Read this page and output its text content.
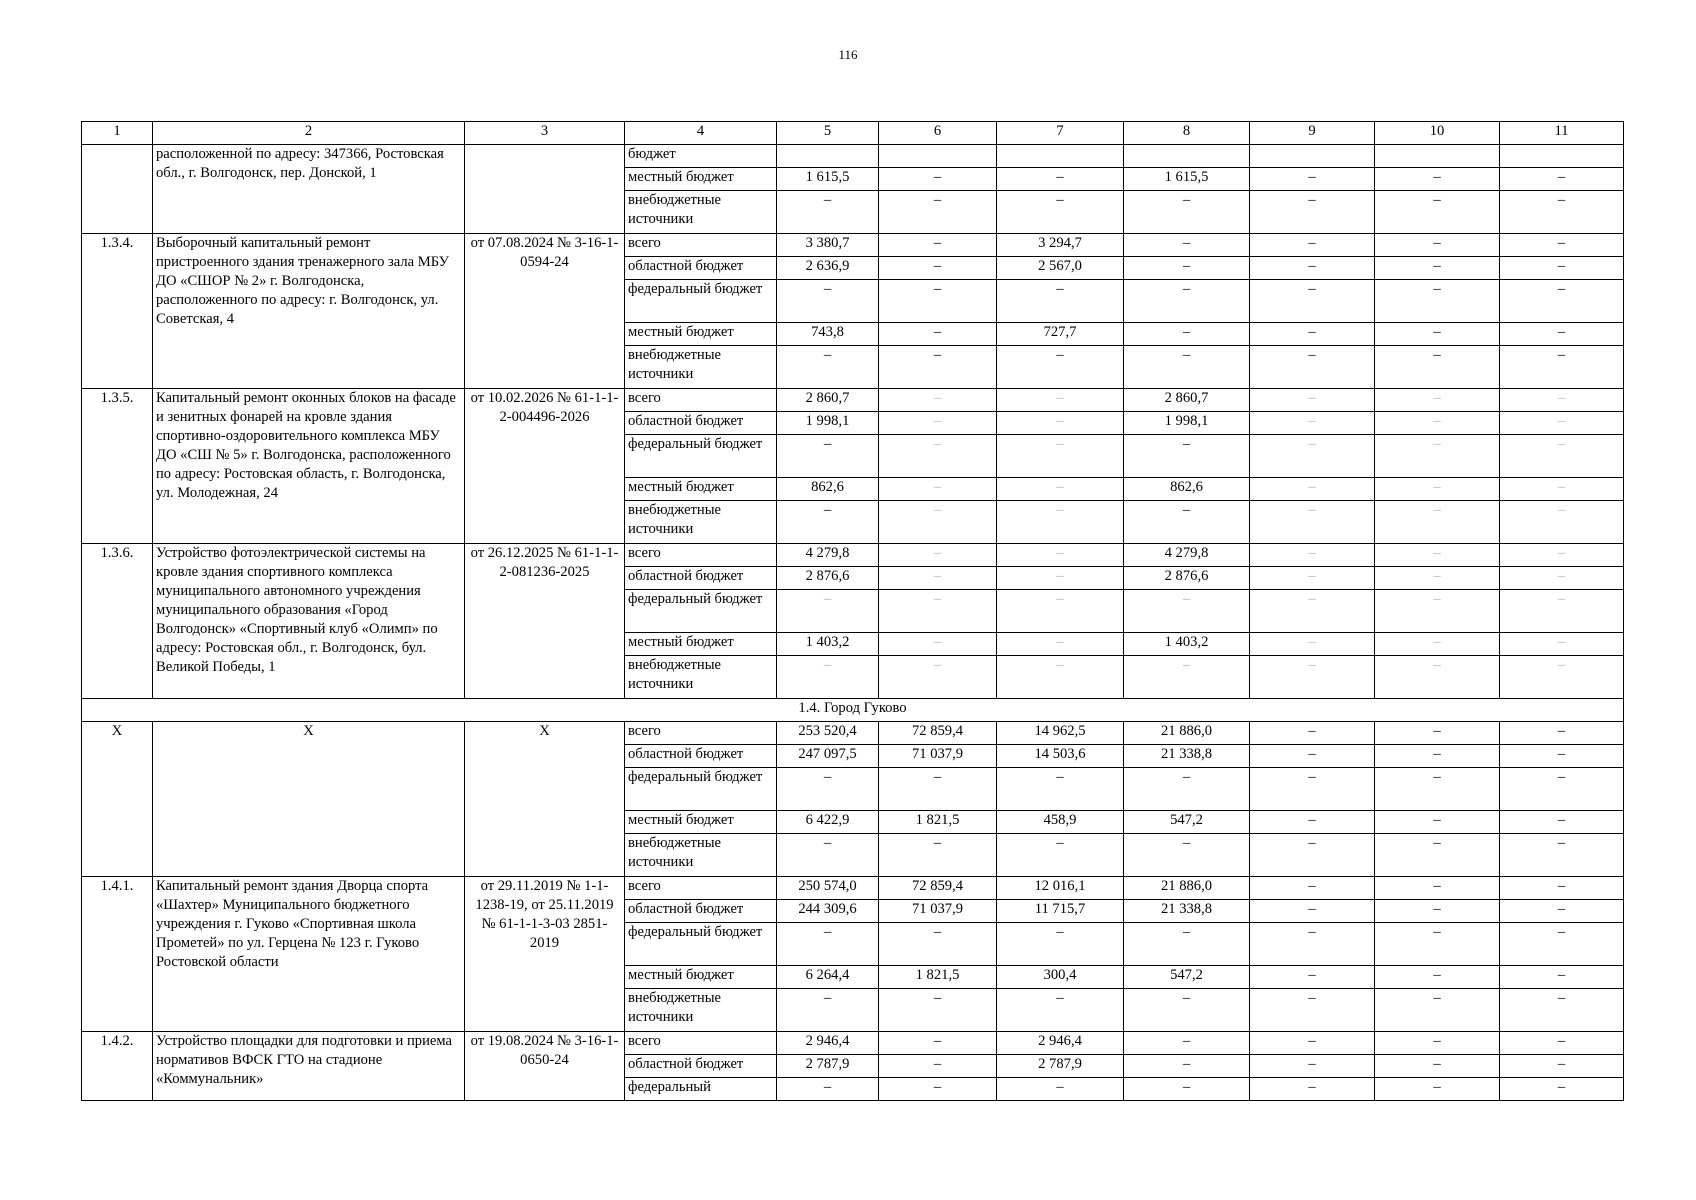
116
1	2	3	4	5	6	7	8	9	10	11
	расположенной по адресу: 347366, Ростовская обл., г. Волгодонск, пер. Донской, 1		бюджет							
			местный бюджет	1 615,5	–	–	1 615,5	–	–	–
			внебюджетные источники	–	–	–	–	–	–	–
1.3.4.	Выборочный капитальный ремонт пристроенного здания тренажерного зала МБУ ДО «СШОР № 2» г. Волгодонска, расположенного по адресу: г. Волгодонск, ул. Советская, 4	от 07.08.2024 № 3-16-1-0594-24	всего	3 380,7	–	3 294,7	–	–	–	–
			областной бюджет	2 636,9	–	2 567,0	–	–	–	–
			федеральный бюджет	–	–	–	–	–	–	–
			местный бюджет	743,8	–	727,7	–	–	–	–
			внебюджетные источники	–	–	–	–	–	–	–
1.3.5.	Капитальный ремонт оконных блоков на фасаде и зенитных фонарей на кровле здания спортивно-оздоровительного комплекса МБУ ДО «СШ № 5» г. Волгодонска, расположенного по адресу: Ростовская область, г. Волгодонска, ул. Молодежная, 24	от 10.02.2026 № 61-1-1-2-004496-2026	всего	2 860,7	–	–	2 860,7	–	–	–
			областной бюджет	1 998,1	–	–	1 998,1	–	–	–
			федеральный бюджет	–	–	–	–	–	–	–
			местный бюджет	862,6	–	–	862,6	–	–	–
			внебюджетные источники	–	–	–	–	–	–	–
1.3.6.	Устройство фотоэлектрической системы на кровле здания спортивного комплекса муниципального автономного учреждения муниципального образования «Город Волгодонск» «Спортивный клуб «Олимп» по адресу: Ростовская обл., г. Волгодонск, бул. Великой Победы, 1	от 26.12.2025 № 61-1-1-2-081236-2025	всего	4 279,8	–	–	4 279,8	–	–	–
			областной бюджет	2 876,6	–	–	2 876,6	–	–	–
			федеральный бюджет	–	–	–	–	–	–	–
			местный бюджет	1 403,2	–	–	1 403,2	–	–	–
			внебюджетные источники	–	–	–	–	–	–	–
1.4. Город Гуково										
Х	Х	Х	всего	253 520,4	72 859,4	14 962,5	21 886,0	–	–	–
			областной бюджет	247 097,5	71 037,9	14 503,6	21 338,8	–	–	–
			федеральный бюджет	–	–	–	–	–	–	–
			местный бюджет	6 422,9	1 821,5	458,9	547,2	–	–	–
			внебюджетные источники	–	–	–	–	–	–	–
1.4.1.	Капитальный ремонт здания Дворца спорта «Шахтер» Муниципального бюджетного учреждения г. Гуково «Спортивная школа Прометей» по ул. Герцена № 123 г. Гуково Ростовской области	от 29.11.2019 № 1-1-1238-19, от 25.11.2019 № 61-1-1-3-03 2851-2019	всего	250 574,0	72 859,4	12 016,1	21 886,0	–	–	–
			областной бюджет	244 309,6	71 037,9	11 715,7	21 338,8	–	–	–
			федеральный бюджет	–	–	–	–	–	–	–
			местный бюджет	6 264,4	1 821,5	300,4	547,2	–	–	–
			внебюджетные источники	–	–	–	–	–	–	–
1.4.2.	Устройство площадки для подготовки и приема нормативов ВФСК ГТО на стадионе «Коммунальник»	от 19.08.2024 № 3-16-1-0650-24	всего	2 946,4	–	2 946,4	–	–	–	–
			областной бюджет	2 787,9	–	2 787,9	–	–	–	–
			федеральный	–	–	–	–	–	–	–
